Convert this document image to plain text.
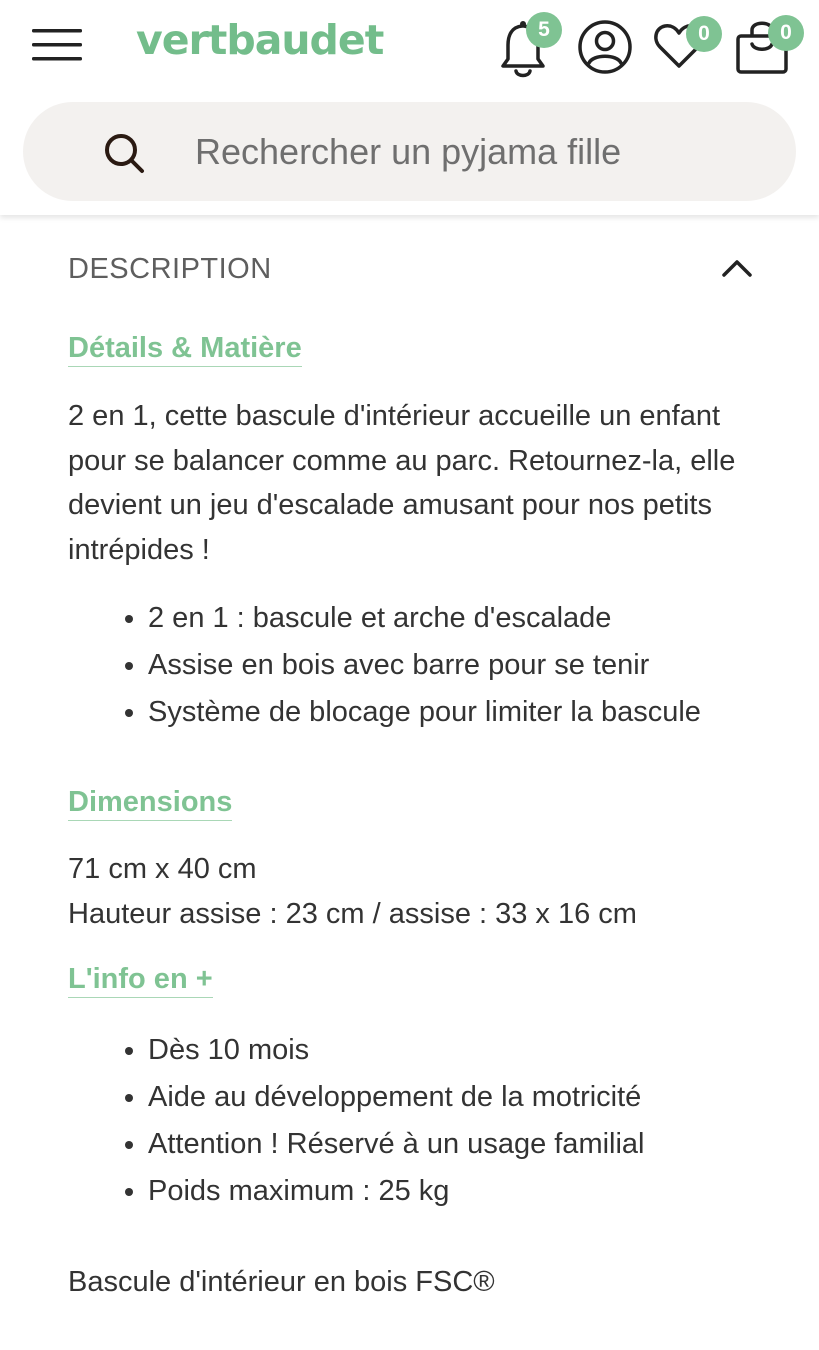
vertbaudet	5	0	0
Rechercher un pyjama fille
DESCRIPTION
Détails & Matière
2 en 1, cette bascule d'intérieur accueille un enfant pour se balancer comme au parc. Retournez-la, elle devient un jeu d'escalade amusant pour nos petits intrépides !
• 2 en 1 : bascule et arche d'escalade
• Assise en bois avec barre pour se tenir
• Système de blocage pour limiter la bascule
Dimensions
71 cm x 40 cm
Hauteur assise : 23 cm / assise : 33 x 16 cm
L'info en +
• Dès 10 mois
• Aide au développement de la motricité
• Attention ! Réservé à un usage familial
• Poids maximum : 25 kg
Bascule d'intérieur en bois FSC®
